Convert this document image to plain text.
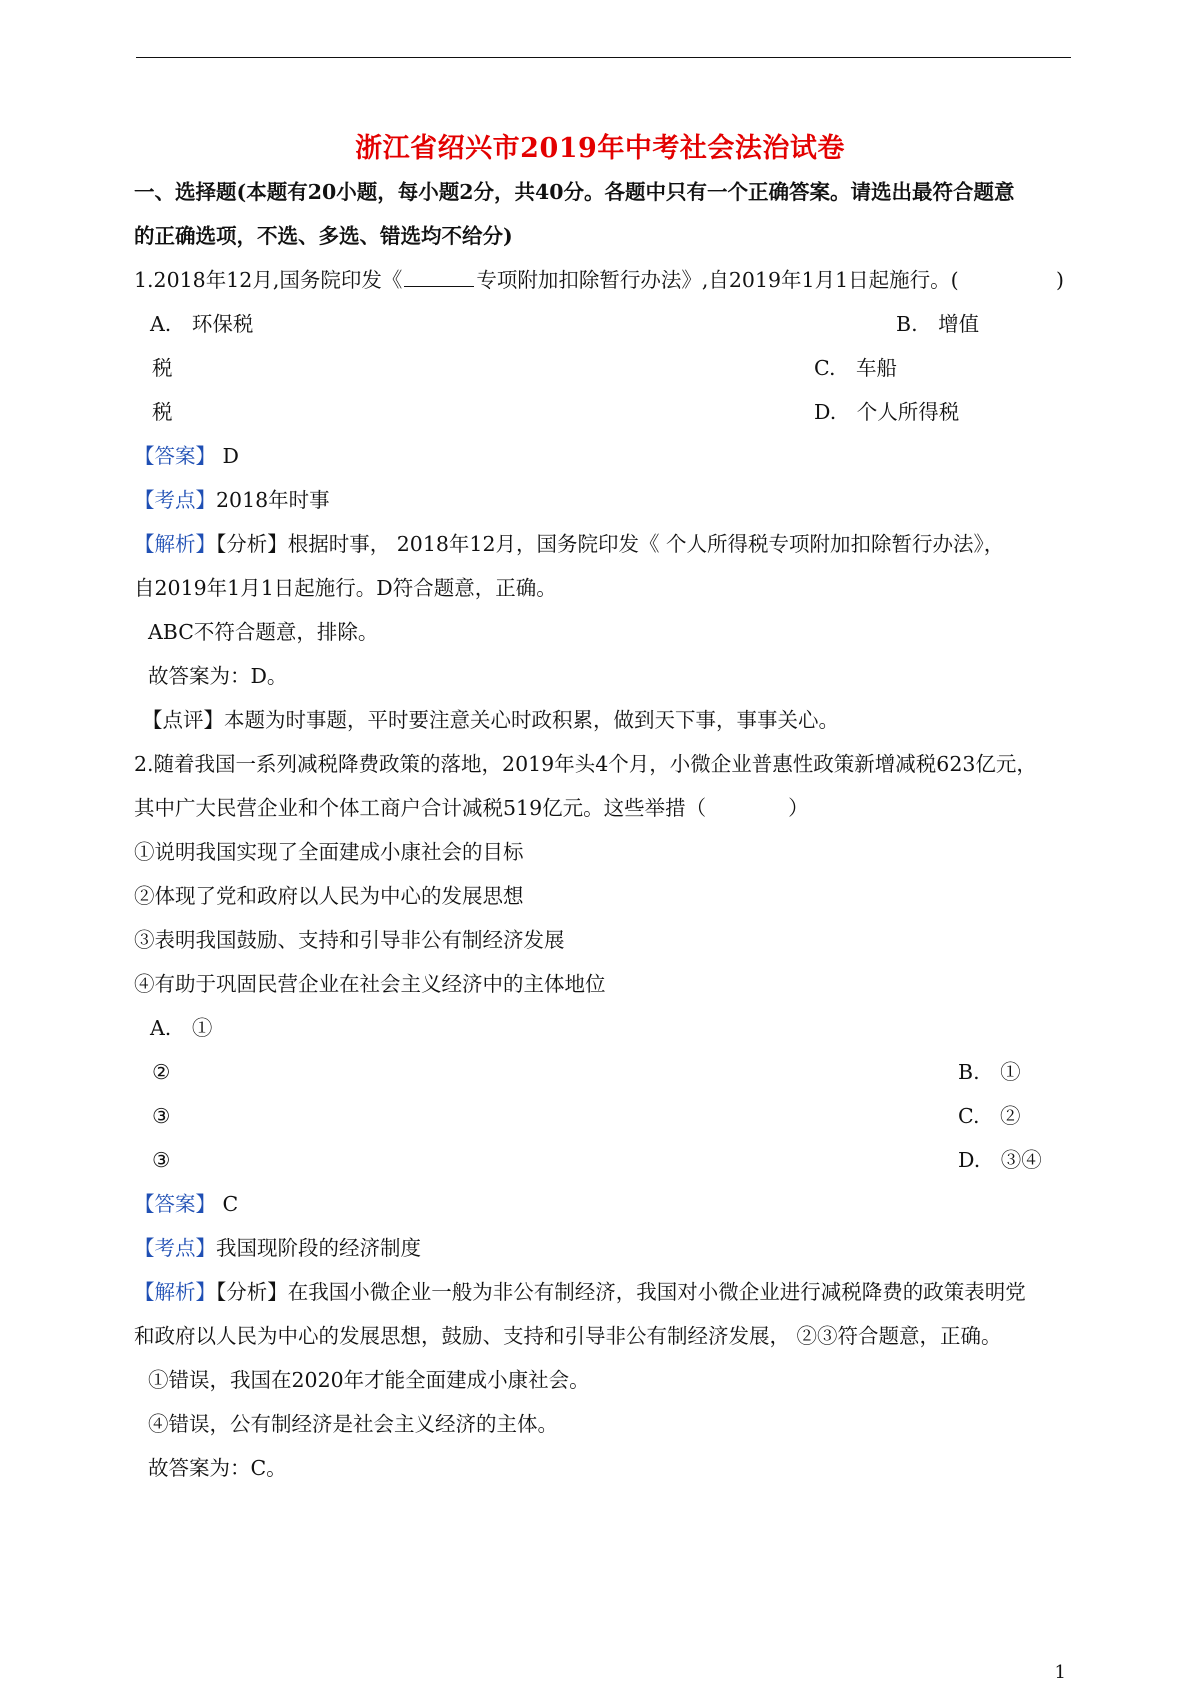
浙江省绍兴市2019年中考社会法治试卷
一、选择题(本题有20小题，每小题2分，共40分。各题中只有一个正确答案。请选出最符合题意
的正确选项，不选、多选、错选均不给分)
1.2018年12月,国务院印发《	专项附加扣除暂行办法》,自2019年1月1日起施行。(	)
A.　环保税	B.　增值
税	C.　车船
税	D.　个人所得税
【答案】 D
【考点】2018年时事
【解析】【分析】根据时事， 2018年12月，国务院印发《 个人所得税专项附加扣除暂行办法》，
自2019年1月1日起施行。D符合题意，正确。
ABC不符合题意，排除。
故答案为：D。
【点评】本题为时事题，平时要注意关心时政积累，做到天下事，事事关心。
2.随着我国一系列减税降费政策的落地，2019年头4个月，小微企业普惠性政策新增减税623亿元，
其中广大民营企业和个体工商户合计减税519亿元。这些举措（　　　　）
①说明我国实现了全面建成小康社会的目标
②体现了党和政府以人民为中心的发展思想
③表明我国鼓励、支持和引导非公有制经济发展
④有助于巩固民营企业在社会主义经济中的主体地位
A.　①
②	B.　①
③	C.　②
③	D.　③④
【答案】 C
【考点】我国现阶段的经济制度
【解析】【分析】在我国小微企业一般为非公有制经济，我国对小微企业进行减税降费的政策表明党
和政府以人民为中心的发展思想，鼓励、支持和引导非公有制经济发展， ②③符合题意，正确。
①错误，我国在2020年才能全面建成小康社会。
④错误，公有制经济是社会主义经济的主体。
故答案为：C。
1
